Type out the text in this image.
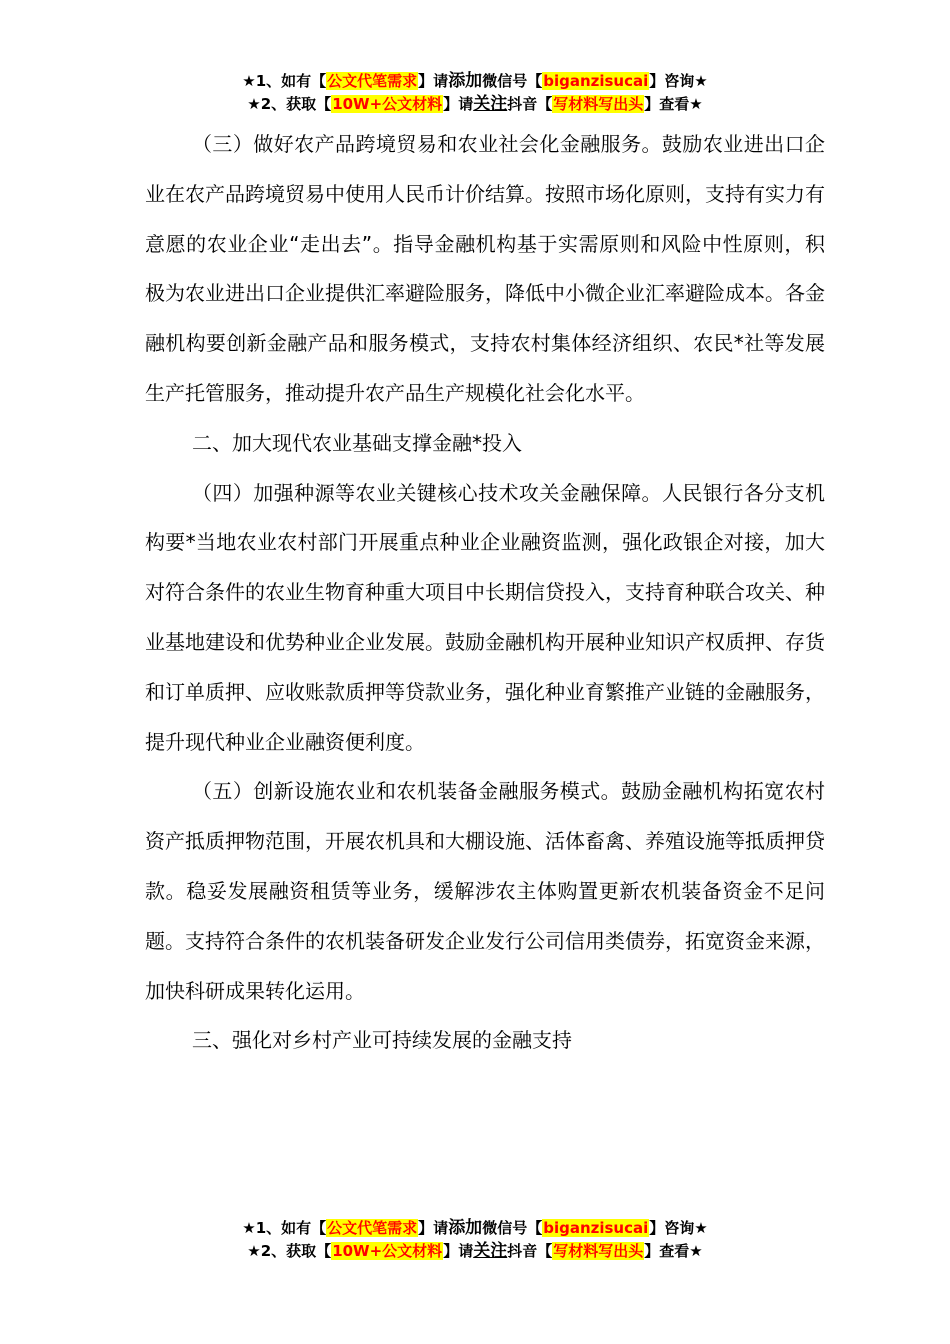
★1、如有【公文代笔需求】请添加微信号【biganzisucai】咨询★
★2、获取【10W+公文材料】请关注抖音【写材料写出头】查看★

（三）做好农产品跨境贸易和农业社会化金融服务。鼓励农业进出口企业在农产品跨境贸易中使用人民币计价结算。按照市场化原则，支持有实力有意愿的农业企业“走出去”。指导金融机构基于实需原则和风险中性原则，积极为农业进出口企业提供汇率避险服务，降低中小微企业汇率避险成本。各金融机构要创新金融产品和服务模式，支持农村集体经济组织、农民*社等发展生产托管服务，推动提升农产品生产规模化社会化水平。

二、加大现代农业基础支撑金融*投入

（四）加强种源等农业关键核心技术攻关金融保障。人民银行各分支机构要*当地农业农村部门开展重点种业企业融资监测，强化政银企对接，加大对符合条件的农业生物育种重大项目中长期信贷投入，支持育种联合攻关、种业基地建设和优势种业企业发展。鼓励金融机构开展种业知识产权质押、存货和订单质押、应收账款质押等贷款业务，强化种业育繁推产业链的金融服务，提升现代种业企业融资便利度。

（五）创新设施农业和农机装备金融服务模式。鼓励金融机构拓宽农村资产抵质押物范围，开展农机具和大棚设施、活体畜禽、养殖设施等抵质押贷款。稳妥发展融资租赁等业务，缓解涉农主体购置更新农机装备资金不足问题。支持符合条件的农机装备研发企业发行公司信用类债券，拓宽资金来源，加快科研成果转化运用。

三、强化对乡村产业可持续发展的金融支持

★1、如有【公文代笔需求】请添加微信号【biganzisucai】咨询★
★2、获取【10W+公文材料】请关注抖音【写材料写出头】查看★
